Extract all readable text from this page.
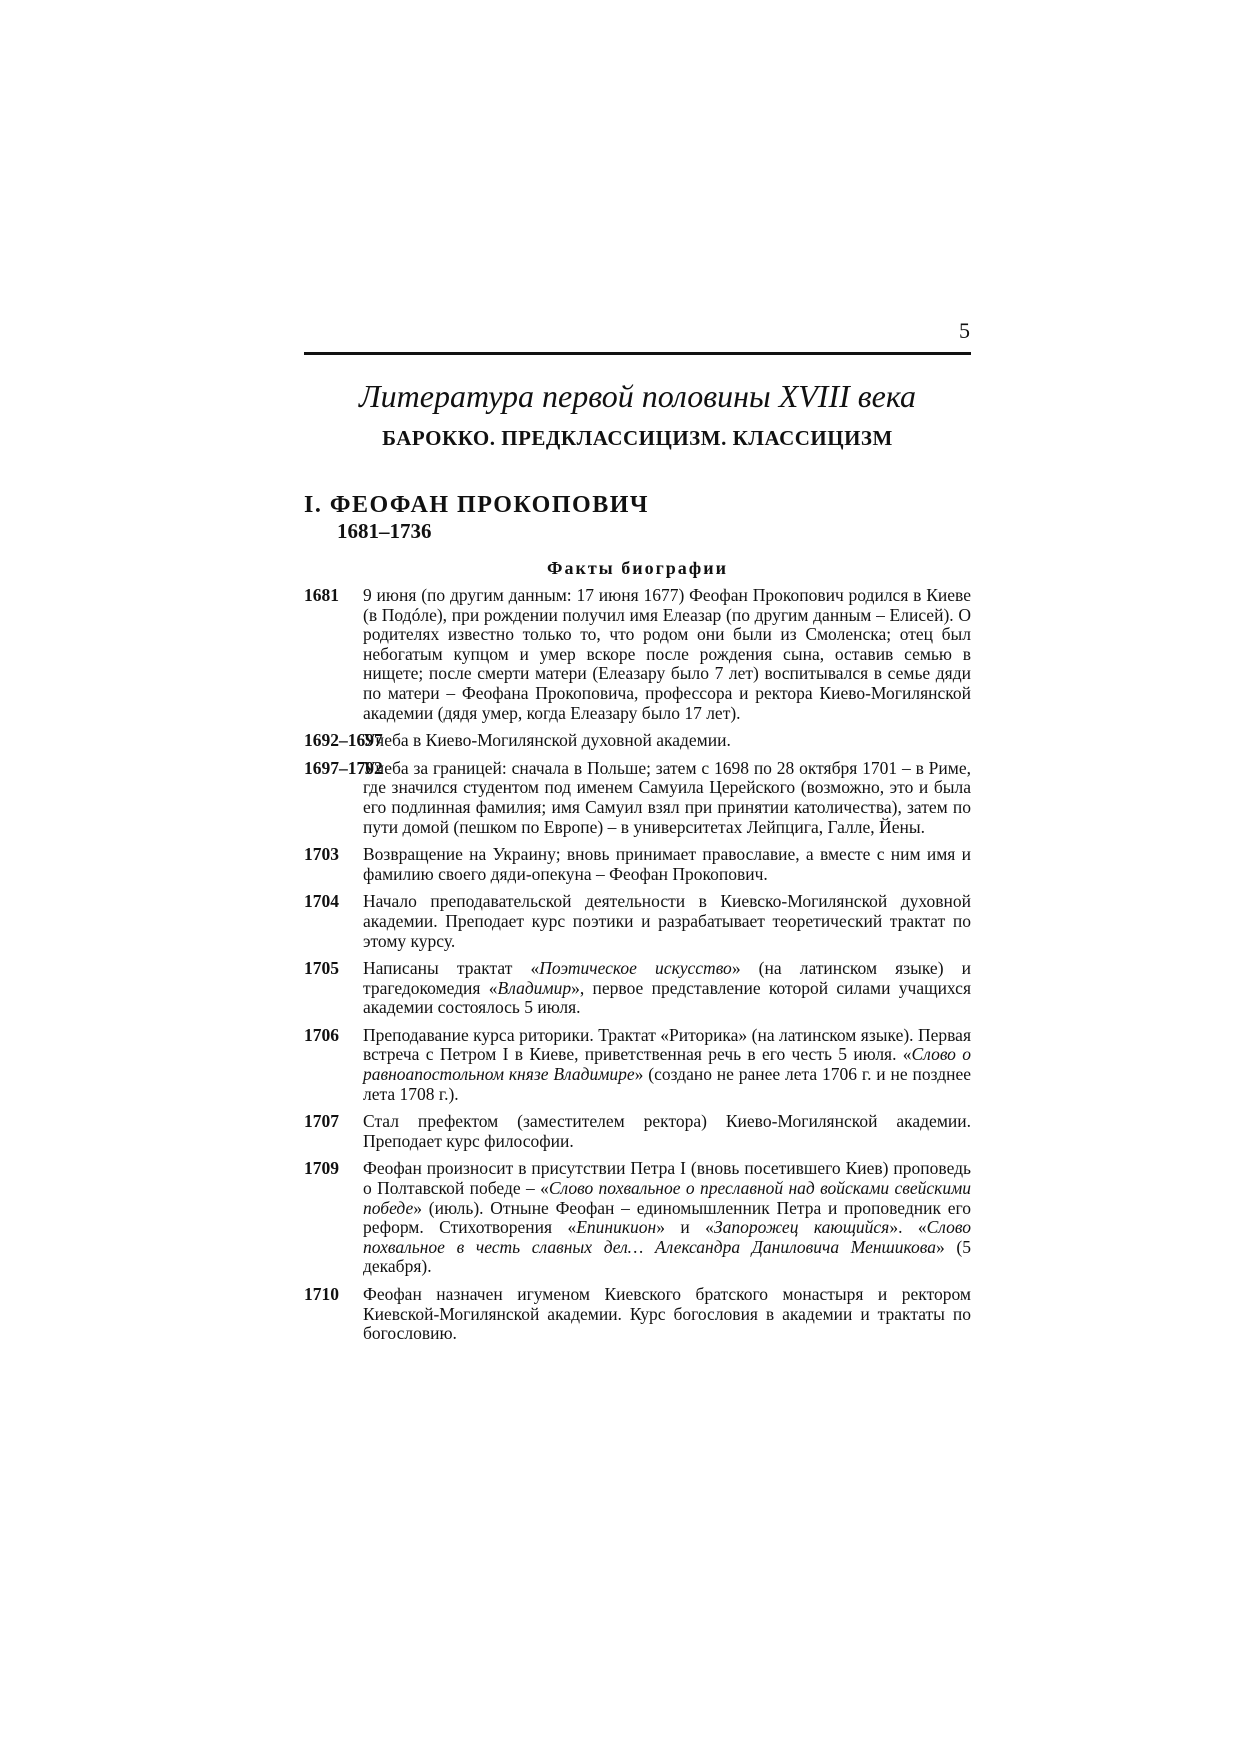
5
Литература первой половины XVIII века
БАРОККО. ПРЕДКЛАССИЦИЗМ. КЛАССИЦИЗМ
I. ФЕОФАН ПРОКОПОВИЧ
1681–1736
Факты биографии
1681 9 июня (по другим данным: 17 июня 1677) Феофан Прокопович родился в Киеве (в Подóле), при рождении получил имя Елеазар (по другим данным – Елисей). О родителях известно только то, что родом они были из Смоленска; отец был небогатым купцом и умер вскоре после рождения сына, оставив семью в нищете; после смерти матери (Елеазару было 7 лет) воспитывался в семье дяди по матери – Феофана Прокоповича, профессора и ректора Киево-Могилянской академии (дядя умер, когда Елеазару было 17 лет).
1692–1697
Учеба в Киево-Могилянской духовной академии.
1697–1702
Учеба за границей: сначала в Польше; затем с 1698 по 28 октября 1701 – в Риме, где значился студентом под именем Самуила Церейского (возможно, это и была его подлинная фамилия; имя Самуил взял при принятии католичества), затем по пути домой (пешком по Европе) – в университетах Лейпцига, Галле, Йены.
1703 Возвращение на Украину; вновь принимает православие, а вместе с ним имя и фамилию своего дяди-опекуна – Феофан Прокопович.
1704 Начало преподавательской деятельности в Киевско-Могилянской духовной академии. Преподает курс поэтики и разрабатывает теоретический трактат по этому курсу.
1705 Написаны трактат «Поэтическое искусство» (на латинском языке) и трагедокомедия «Владимир», первое представление которой силами учащихся академии состоялось 5 июля.
1706 Преподавание курса риторики. Трактат «Риторика» (на латинском языке). Первая встреча с Петром I в Киеве, приветственная речь в его честь 5 июля. «Слово о равноапостольном князе Владимире» (создано не ранее лета 1706 г. и не позднее лета 1708 г.).
1707 Стал префектом (заместителем ректора) Киево-Могилянской академии. Преподает курс философии.
1709 Феофан произносит в присутствии Петра I (вновь посетившего Киев) проповедь о Полтавской победе – «Слово похвальное о преславной над войсками свейскими победе» (июль). Отныне Феофан – единомышленник Петра и проповедник его реформ. Стихотворения «Епиникион» и «Запорожец кающийся». «Слово похвальное в честь славных дел… Александра Даниловича Меншикова» (5 декабря).
1710 Феофан назначен игуменом Киевского братского монастыря и ректором Киевской-Могилянской академии. Курс богословия в академии и трактаты по богословию.
